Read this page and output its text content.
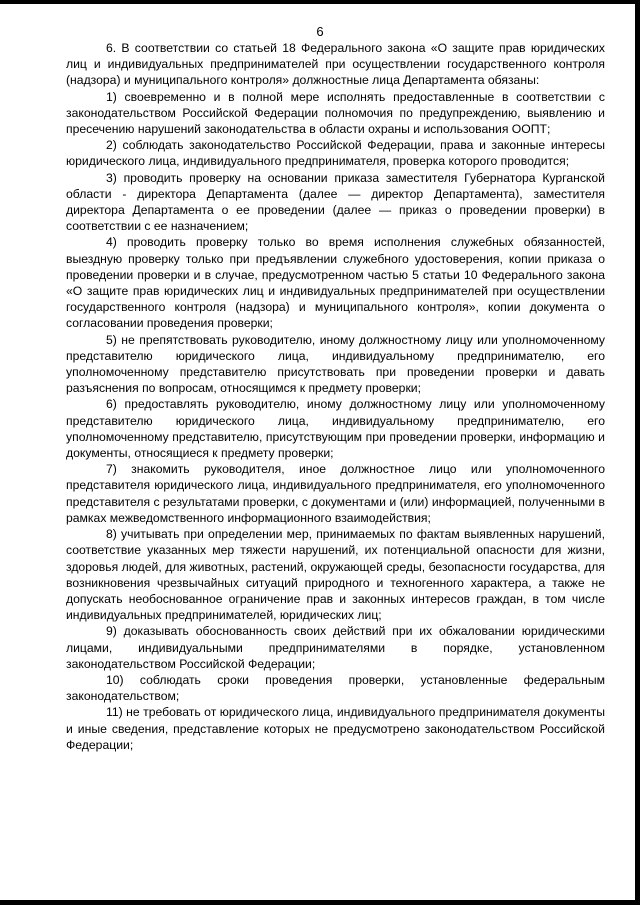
6

6. В соответствии со статьей 18 Федерального закона «О защите прав юридических лиц и индивидуальных предпринимателей при осуществлении государственного контроля (надзора) и муниципального контроля» должностные лица Департамента обязаны:

1) своевременно и в полной мере исполнять предоставленные в соответствии с законодательством Российской Федерации полномочия по предупреждению, выявлению и пресечению нарушений законодательства в области охраны и использования ООПТ;

2) соблюдать законодательство Российской Федерации, права и законные интересы юридического лица, индивидуального предпринимателя, проверка которого проводится;

3) проводить проверку на основании приказа заместителя Губернатора Курганской области - директора Департамента (далее — директор Департамента), заместителя директора Департамента о ее проведении (далее — приказ о проведении проверки) в соответствии с ее назначением;

4) проводить проверку только во время исполнения служебных обязанностей, выездную проверку только при предъявлении служебного удостоверения, копии приказа о проведении проверки и в случае, предусмотренном частью 5 статьи 10 Федерального закона «О защите прав юридических лиц и индивидуальных предпринимателей при осуществлении государственного контроля (надзора) и муниципального контроля», копии документа о согласовании проведения проверки;

5) не препятствовать руководителю, иному должностному лицу или уполномоченному представителю юридического лица, индивидуальному предпринимателю, его уполномоченному представителю присутствовать при проведении проверки и давать разъяснения по вопросам, относящимся к предмету проверки;

6) предоставлять руководителю, иному должностному лицу или уполномоченному представителю юридического лица, индивидуальному предпринимателю, его уполномоченному представителю, присутствующим при проведении проверки, информацию и документы, относящиеся к предмету проверки;

7) знакомить руководителя, иное должностное лицо или уполномоченного представителя юридического лица, индивидуального предпринимателя, его уполномоченного представителя с результатами проверки, с документами и (или) информацией, полученными в рамках межведомственного информационного взаимодействия;

8) учитывать при определении мер, принимаемых по фактам выявленных нарушений, соответствие указанных мер тяжести нарушений, их потенциальной опасности для жизни, здоровья людей, для животных, растений, окружающей среды, безопасности государства, для возникновения чрезвычайных ситуаций природного и техногенного характера, а также не допускать необоснованное ограничение прав и законных интересов граждан, в том числе индивидуальных предпринимателей, юридических лиц;

9) доказывать обоснованность своих действий при их обжаловании юридическими лицами, индивидуальными предпринимателями в порядке, установленном законодательством Российской Федерации;

10) соблюдать сроки проведения проверки, установленные федеральным законодательством;

11) не требовать от юридического лица, индивидуального предпринимателя документы и иные сведения, представление которых не предусмотрено законодательством Российской Федерации;
